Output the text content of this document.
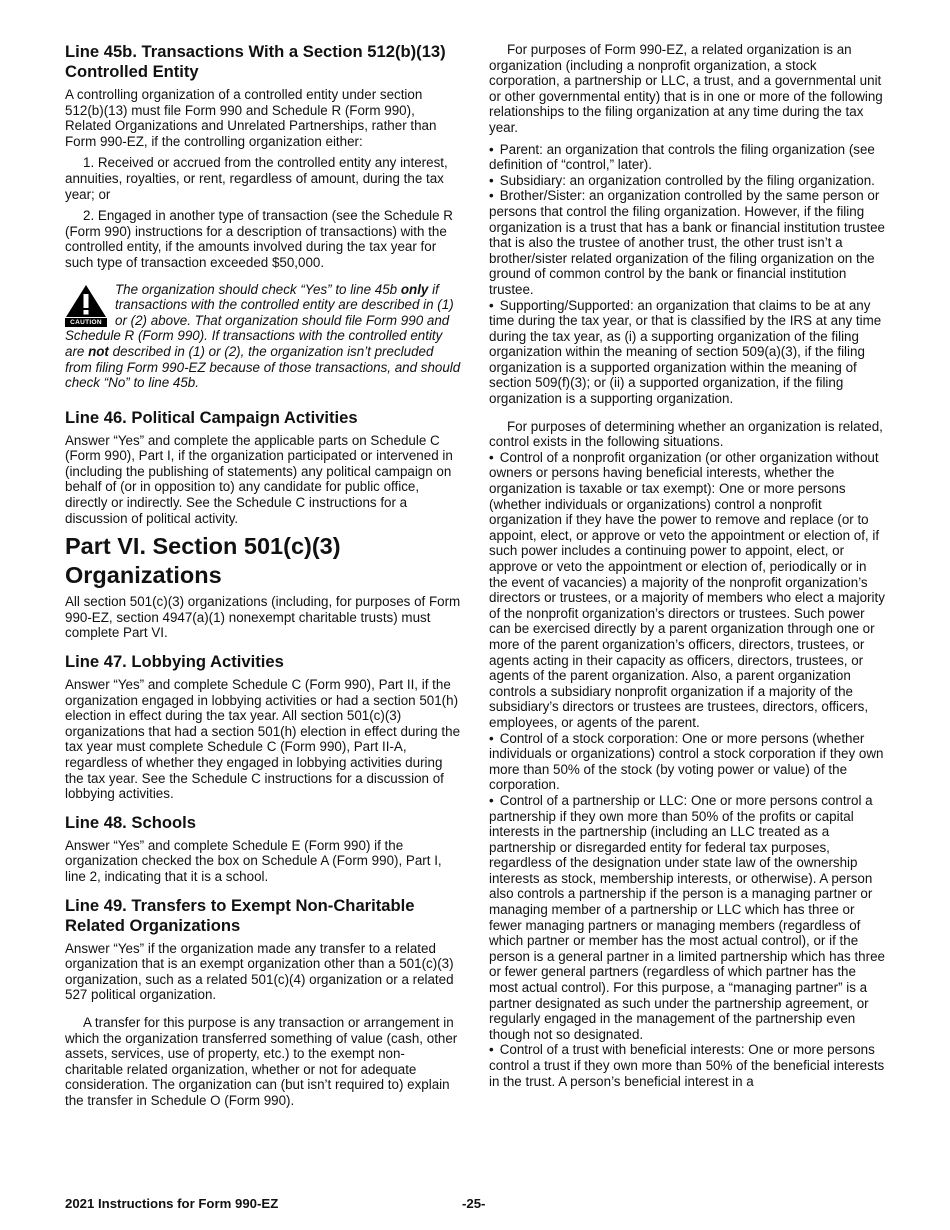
Line 45b. Transactions With a Section 512(b)(13) Controlled Entity

A controlling organization of a controlled entity under section 512(b)(13) must file Form 990 and Schedule R (Form 990), Related Organizations and Unrelated Partnerships, rather than Form 990-EZ, if the controlling organization either:

1. Received or accrued from the controlled entity any interest, annuities, royalties, or rent, regardless of amount, during the tax year; or

2. Engaged in another type of transaction (see the Schedule R (Form 990) instructions for a description of transactions) with the controlled entity, if the amounts involved during the tax year for such type of transaction exceeded $50,000.

CAUTION
The organization should check “Yes” to line 45b only if transactions with the controlled entity are described in (1) or (2) above. That organization should file Form 990 and Schedule R (Form 990). If transactions with the controlled entity are not described in (1) or (2), the organization isn’t precluded from filing Form 990-EZ because of those transactions, and should check “No” to line 45b.
Line 46. Political Campaign Activities

Answer “Yes” and complete the applicable parts on Schedule C (Form 990), Part I, if the organization participated or intervened in (including the publishing of statements) any political campaign on behalf of (or in opposition to) any candidate for public office, directly or indirectly. See the Schedule C instructions for a discussion of political activity.

Part VI. Section 501(c)(3) Organizations

All section 501(c)(3) organizations (including, for purposes of Form 990-EZ, section 4947(a)(1) nonexempt charitable trusts) must complete Part VI.

Line 47. Lobbying Activities

Answer “Yes” and complete Schedule C (Form 990), Part II, if the organization engaged in lobbying activities or had a section 501(h) election in effect during the tax year. All section 501(c)(3) organizations that had a section 501(h) election in effect during the tax year must complete Schedule C (Form 990), Part II-A, regardless of whether they engaged in lobbying activities during the tax year. See the Schedule C instructions for a discussion of lobbying activities.

Line 48. Schools

Answer “Yes” and complete Schedule E (Form 990) if the organization checked the box on Schedule A (Form 990), Part I, line 2, indicating that it is a school.

Line 49. Transfers to Exempt Non-Charitable Related Organizations

Answer “Yes” if the organization made any transfer to a related organization that is an exempt organization other than a 501(c)(3) organization, such as a related 501(c)(4) organization or a related 527 political organization.

A transfer for this purpose is any transaction or arrangement in which the organization transferred something of value (cash, other assets, services, use of property, etc.) to the exempt non-charitable related organization, whether or not for adequate consideration. The organization can (but isn’t required to) explain the transfer in Schedule O (Form 990).

For purposes of Form 990-EZ, a related organization is an organization (including a nonprofit organization, a stock corporation, a partnership or LLC, a trust, and a governmental unit or other governmental entity) that is in one or more of the following relationships to the filing organization at any time during the tax year.

• Parent: an organization that controls the filing organization (see definition of “control,” later).

• Subsidiary: an organization controlled by the filing organization.

• Brother/Sister: an organization controlled by the same person or persons that control the filing organization. However, if the filing organization is a trust that has a bank or financial institution trustee that is also the trustee of another trust, the other trust isn’t a brother/sister related organization of the filing organization on the ground of common control by the bank or financial institution trustee.

• Supporting/Supported: an organization that claims to be at any time during the tax year, or that is classified by the IRS at any time during the tax year, as (i) a supporting organization of the filing organization within the meaning of section 509(a)(3), if the filing organization is a supported organization within the meaning of section 509(f)(3); or (ii) a supported organization, if the filing organization is a supporting organization.

For purposes of determining whether an organization is related, control exists in the following situations.

• Control of a nonprofit organization (or other organization without owners or persons having beneficial interests, whether the organization is taxable or tax exempt): One or more persons (whether individuals or organizations) control a nonprofit organization if they have the power to remove and replace (or to appoint, elect, or approve or veto the appointment or election of, if such power includes a continuing power to appoint, elect, or approve or veto the appointment or election of, periodically or in the event of vacancies) a majority of the nonprofit organization’s directors or trustees, or a majority of members who elect a majority of the nonprofit organization’s directors or trustees. Such power can be exercised directly by a parent organization through one or more of the parent organization’s officers, directors, trustees, or agents acting in their capacity as officers, directors, trustees, or agents of the parent organization. Also, a parent organization controls a subsidiary nonprofit organization if a majority of the subsidiary’s directors or trustees are trustees, directors, officers, employees, or agents of the parent.

• Control of a stock corporation: One or more persons (whether individuals or organizations) control a stock corporation if they own more than 50% of the stock (by voting power or value) of the corporation.

• Control of a partnership or LLC: One or more persons control a partnership if they own more than 50% of the profits or capital interests in the partnership (including an LLC treated as a partnership or disregarded entity for federal tax purposes, regardless of the designation under state law of the ownership interests as stock, membership interests, or otherwise). A person also controls a partnership if the person is a managing partner or managing member of a partnership or LLC which has three or fewer managing partners or managing members (regardless of which partner or member has the most actual control), or if the person is a general partner in a limited partnership which has three or fewer general partners (regardless of which partner has the most actual control). For this purpose, a “managing partner” is a partner designated as such under the partnership agreement, or regularly engaged in the management of the partnership even though not so designated.

• Control of a trust with beneficial interests: One or more persons control a trust if they own more than 50% of the beneficial interests in the trust. A person’s beneficial interest in a

2021 Instructions for Form 990-EZ	-25-
